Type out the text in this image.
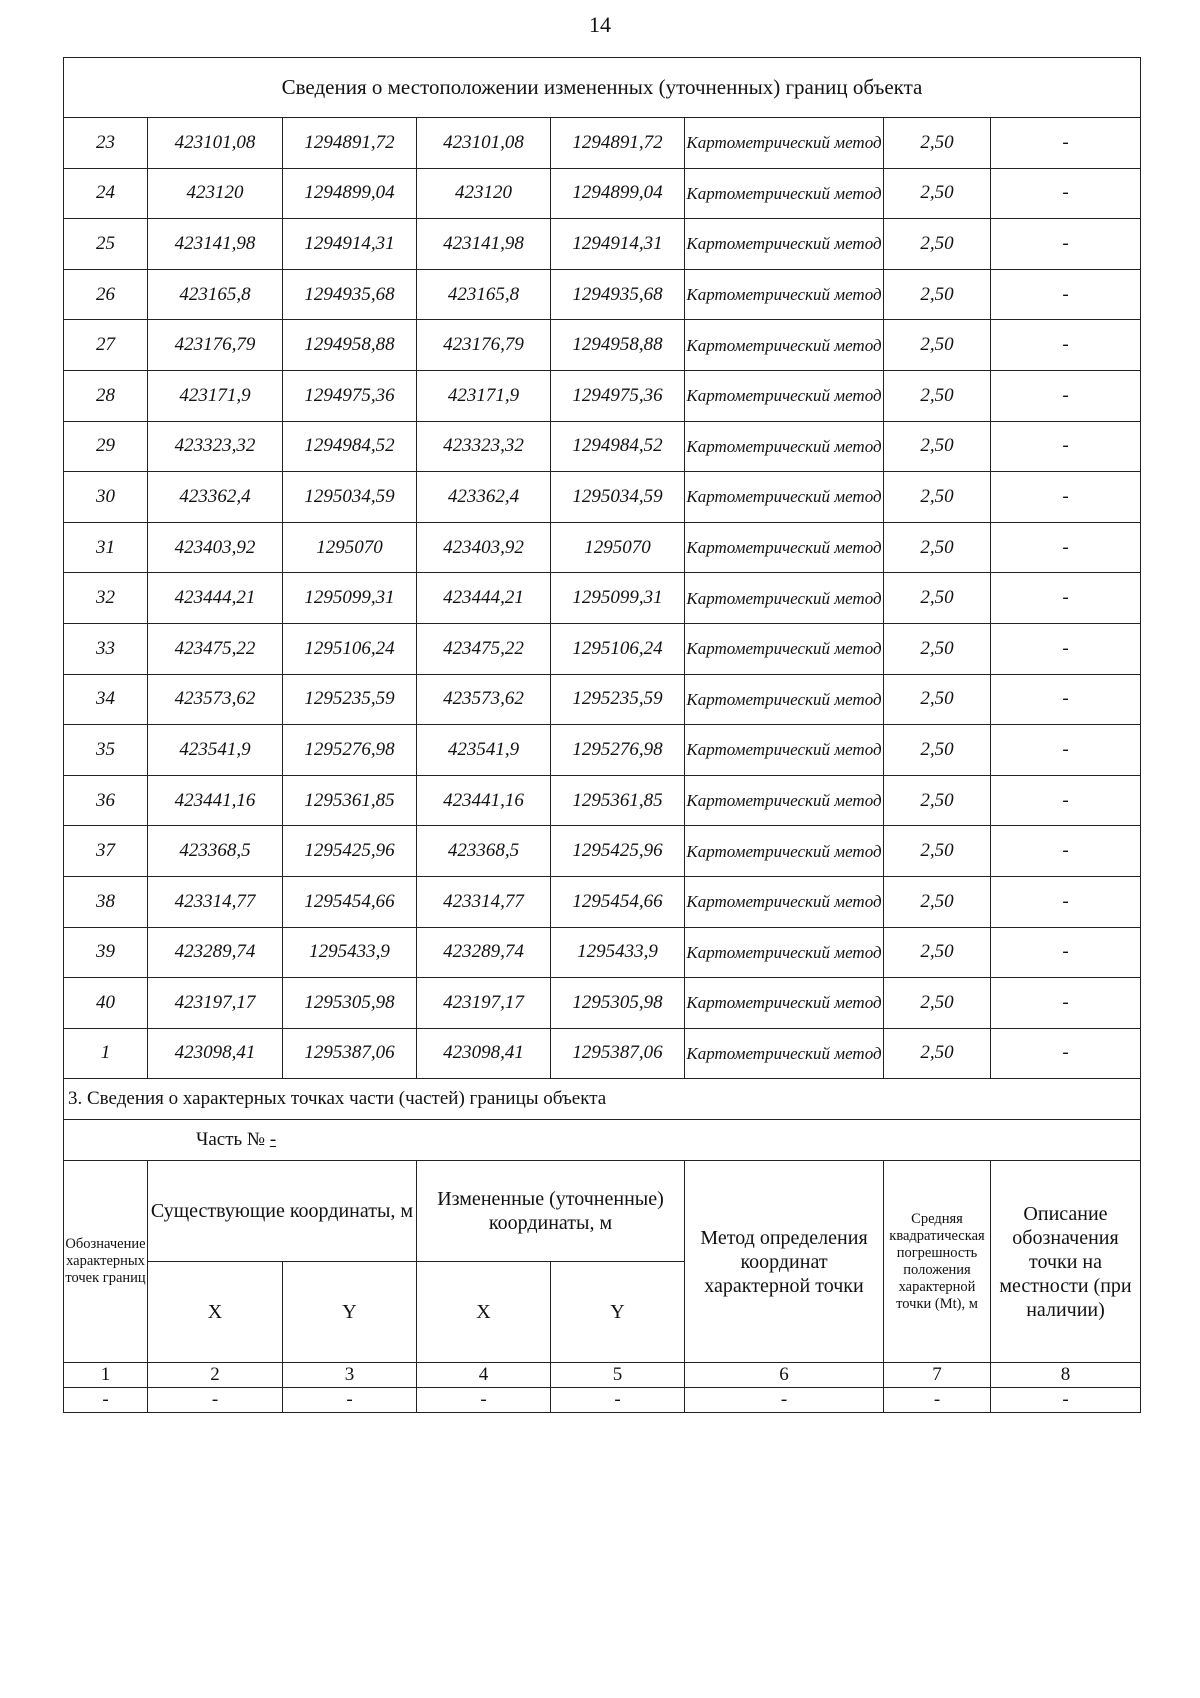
14
Сведения о местоположении измененных (уточненных) границ объекта							
23	423101,08	1294891,72	423101,08	1294891,72	Картометрический метод	2,50	-
24	423120	1294899,04	423120	1294899,04	Картометрический метод	2,50	-
25	423141,98	1294914,31	423141,98	1294914,31	Картометрический метод	2,50	-
26	423165,8	1294935,68	423165,8	1294935,68	Картометрический метод	2,50	-
27	423176,79	1294958,88	423176,79	1294958,88	Картометрический метод	2,50	-
28	423171,9	1294975,36	423171,9	1294975,36	Картометрический метод	2,50	-
29	423323,32	1294984,52	423323,32	1294984,52	Картометрический метод	2,50	-
30	423362,4	1295034,59	423362,4	1295034,59	Картометрический метод	2,50	-
31	423403,92	1295070	423403,92	1295070	Картометрический метод	2,50	-
32	423444,21	1295099,31	423444,21	1295099,31	Картометрический метод	2,50	-
33	423475,22	1295106,24	423475,22	1295106,24	Картометрический метод	2,50	-
34	423573,62	1295235,59	423573,62	1295235,59	Картометрический метод	2,50	-
35	423541,9	1295276,98	423541,9	1295276,98	Картометрический метод	2,50	-
36	423441,16	1295361,85	423441,16	1295361,85	Картометрический метод	2,50	-
37	423368,5	1295425,96	423368,5	1295425,96	Картометрический метод	2,50	-
38	423314,77	1295454,66	423314,77	1295454,66	Картометрический метод	2,50	-
39	423289,74	1295433,9	423289,74	1295433,9	Картометрический метод	2,50	-
40	423197,17	1295305,98	423197,17	1295305,98	Картометрический метод	2,50	-
1	423098,41	1295387,06	423098,41	1295387,06	Картометрический метод	2,50	-
3. Сведения о характерных точках части (частей) границы объекта							
Часть № -							
Обозначение характерных точек границ	Существующие координаты, м		Измененные (уточненные) координаты, м		Метод определения координат характерной точки	Средняя квадратическая погрешность положения характерной точки (Mt), м	Описание обозначения точки на местности (при наличии)
	X	Y	X	Y			
1	2	3	4	5	6	7	8
-	-	-	-	-	-	-	-
